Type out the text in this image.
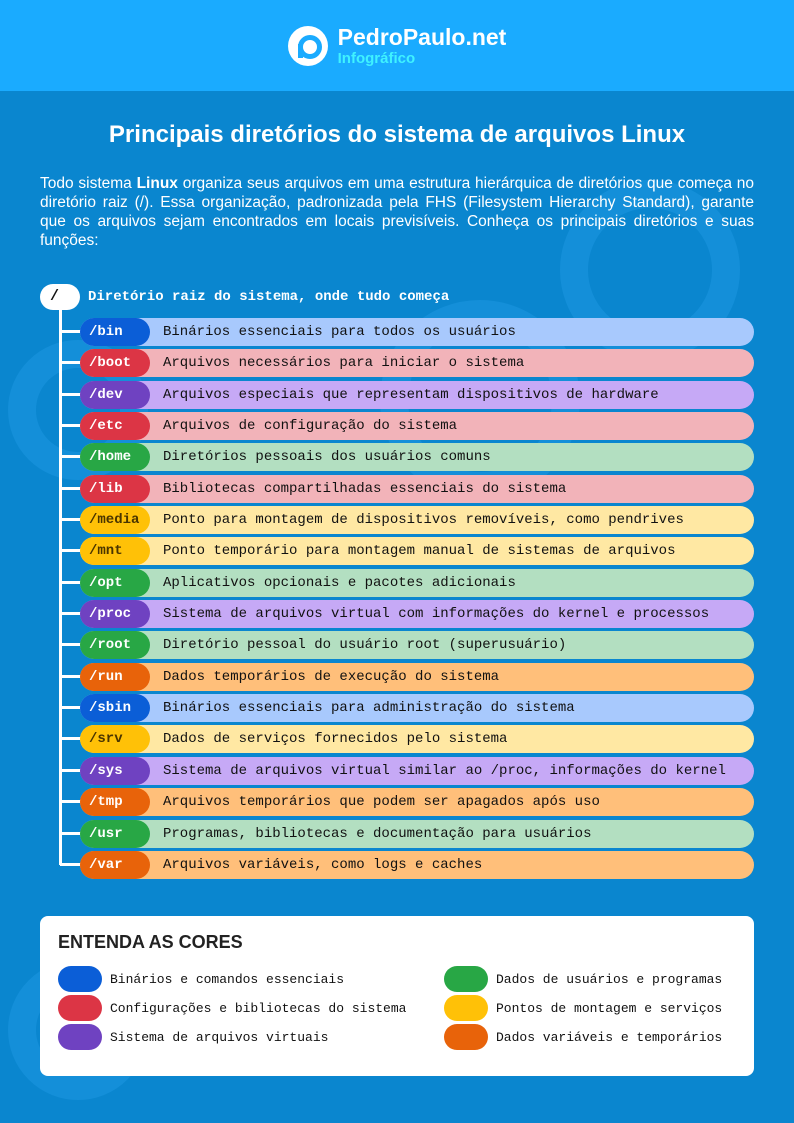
PedroPaulo.net
Infográfico
Principais diretórios do sistema de arquivos Linux

Todo sistema Linux organiza seus arquivos em uma estrutura hierárquica de diretórios que começa no diretório raiz (/). Essa organização, padronizada pela FHS (Filesystem Hierarchy Standard), garante que os arquivos sejam encontrados em locais previsíveis. Conheça os principais diretórios e suas funções:

/	Diretório raiz do sistema, onde tudo começa
/bin	Binários essenciais para todos os usuários
/boot	Arquivos necessários para iniciar o sistema
/dev	Arquivos especiais que representam dispositivos de hardware
/etc	Arquivos de configuração do sistema
/home	Diretórios pessoais dos usuários comuns
/lib	Bibliotecas compartilhadas essenciais do sistema
/media	Ponto para montagem de dispositivos removíveis, como pendrives
/mnt	Ponto temporário para montagem manual de sistemas de arquivos
/opt	Aplicativos opcionais e pacotes adicionais
/proc	Sistema de arquivos virtual com informações do kernel e processos
/root	Diretório pessoal do usuário root (superusuário)
/run	Dados temporários de execução do sistema
/sbin	Binários essenciais para administração do sistema
/srv	Dados de serviços fornecidos pelo sistema
/sys	Sistema de arquivos virtual similar ao /proc, informações do kernel
/tmp	Arquivos temporários que podem ser apagados após uso
/usr	Programas, bibliotecas e documentação para usuários
/var	Arquivos variáveis, como logs e caches
ENTENDA AS CORES
Binários e comandos essenciais
Configurações e bibliotecas do sistema
Sistema de arquivos virtuais
Dados de usuários e programas
Pontos de montagem e serviços
Dados variáveis e temporários
